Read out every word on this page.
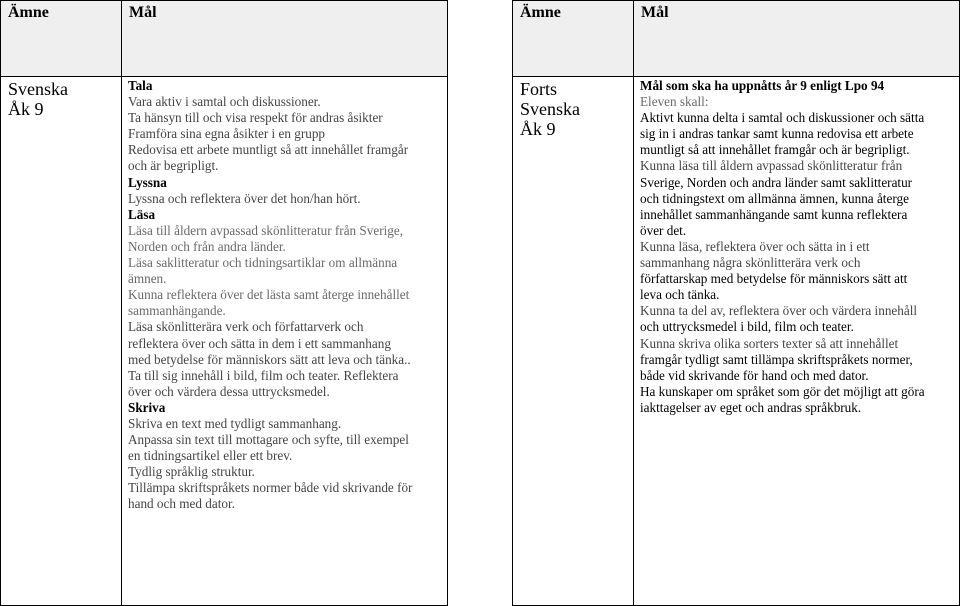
Ämne	Mål
Svenska
Åk 9
Tala
Vara aktiv i samtal och diskussioner.
Ta hänsyn till och visa respekt för andras åsikter
Framföra sina egna åsikter i en grupp
Redovisa ett arbete muntligt så att innehållet framgår
och är begripligt.
Lyssna
Lyssna och reflektera över det hon/han hört.
Läsa
Läsa till åldern avpassad skönlitteratur från Sverige,
Norden och från andra länder.
Läsa saklitteratur och tidningsartiklar om allmänna
ämnen.
Kunna reflektera över det lästa samt återge innehållet
sammanhängande.
Läsa skönlitterära verk och författarverk och
reflektera över och sätta in dem i ett sammanhang
med betydelse för människors sätt att leva och tänka..
Ta till sig innehåll i bild, film och teater. Reflektera
över och värdera dessa uttrycksmedel.
Skriva
Skriva en text med tydligt sammanhang.
Anpassa sin text till mottagare och syfte, till exempel
en tidningsartikel eller ett brev.
Tydlig språklig struktur.
Tillämpa skriftspråkets normer både vid skrivande för
hand och med dator.
Ämne	Mål
Forts
Svenska
Åk 9
Mål som ska ha uppnåtts år 9 enligt Lpo 94
Eleven skall:
Aktivt kunna delta i samtal och diskussioner och sätta
sig in i andras tankar samt kunna redovisa ett arbete
muntligt så att innehållet framgår och är begripligt.
Kunna läsa till åldern avpassad skönlitteratur från
Sverige, Norden och andra länder samt saklitteratur
och tidningstext om allmänna ämnen, kunna återge
innehållet sammanhängande samt kunna reflektera
över det.
Kunna läsa, reflektera över och sätta in i ett
sammanhang några skönlitterära verk och
författarskap med betydelse för människors sätt att
leva och tänka.
Kunna ta del av, reflektera över och värdera innehåll
och uttrycksmedel i bild, film och teater.
Kunna skriva olika sorters texter så att innehållet
framgår tydligt samt tillämpa skriftspråkets normer,
både vid skrivande för hand och med dator.
Ha kunskaper om språket som gör det möjligt att göra
iakttagelser av eget och andras språkbruk.
